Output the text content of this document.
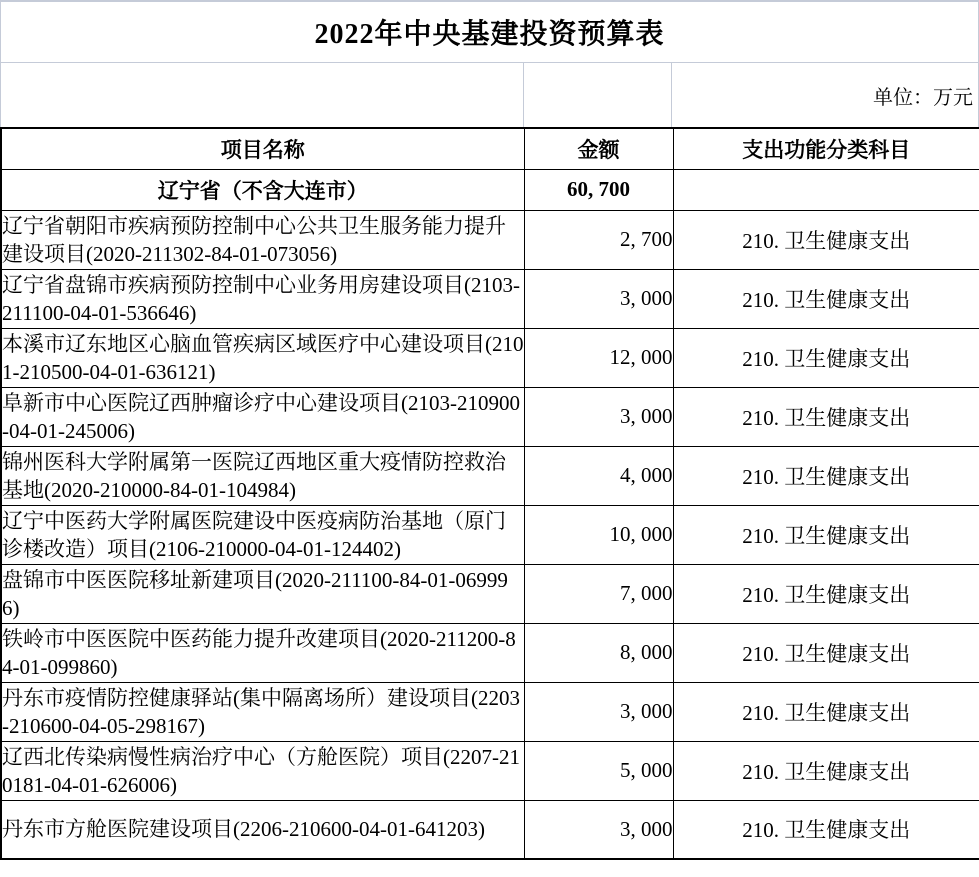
2022年中央基建投资预算表
单位：万元
项目名称	金额	支出功能分类科目
辽宁省（不含大连市）	60, 700	
辽宁省朝阳市疾病预防控制中心公共卫生服务能力提升建设项目(2020-211302-84-01-073056)	2, 700	210. 卫生健康支出
辽宁省盘锦市疾病预防控制中心业务用房建设项目(2103-211100-04-01-536646)	3, 000	210. 卫生健康支出
本溪市辽东地区心脑血管疾病区域医疗中心建设项目(2101-210500-04-01-636121)	12, 000	210. 卫生健康支出
阜新市中心医院辽西肿瘤诊疗中心建设项目(2103-210900-04-01-245006)	3, 000	210. 卫生健康支出
锦州医科大学附属第一医院辽西地区重大疫情防控救治基地(2020-210000-84-01-104984)	4, 000	210. 卫生健康支出
辽宁中医药大学附属医院建设中医疫病防治基地（原门诊楼改造）项目(2106-210000-04-01-124402)	10, 000	210. 卫生健康支出
盘锦市中医医院移址新建项目(2020-211100-84-01-069996)	7, 000	210. 卫生健康支出
铁岭市中医医院中医药能力提升改建项目(2020-211200-84-01-099860)	8, 000	210. 卫生健康支出
丹东市疫情防控健康驿站(集中隔离场所）建设项目(2203-210600-04-05-298167)	3, 000	210. 卫生健康支出
辽西北传染病慢性病治疗中心（方舱医院）项目(2207-210181-04-01-626006)	5, 000	210. 卫生健康支出
丹东市方舱医院建设项目(2206-210600-04-01-641203)	3, 000	210. 卫生健康支出
